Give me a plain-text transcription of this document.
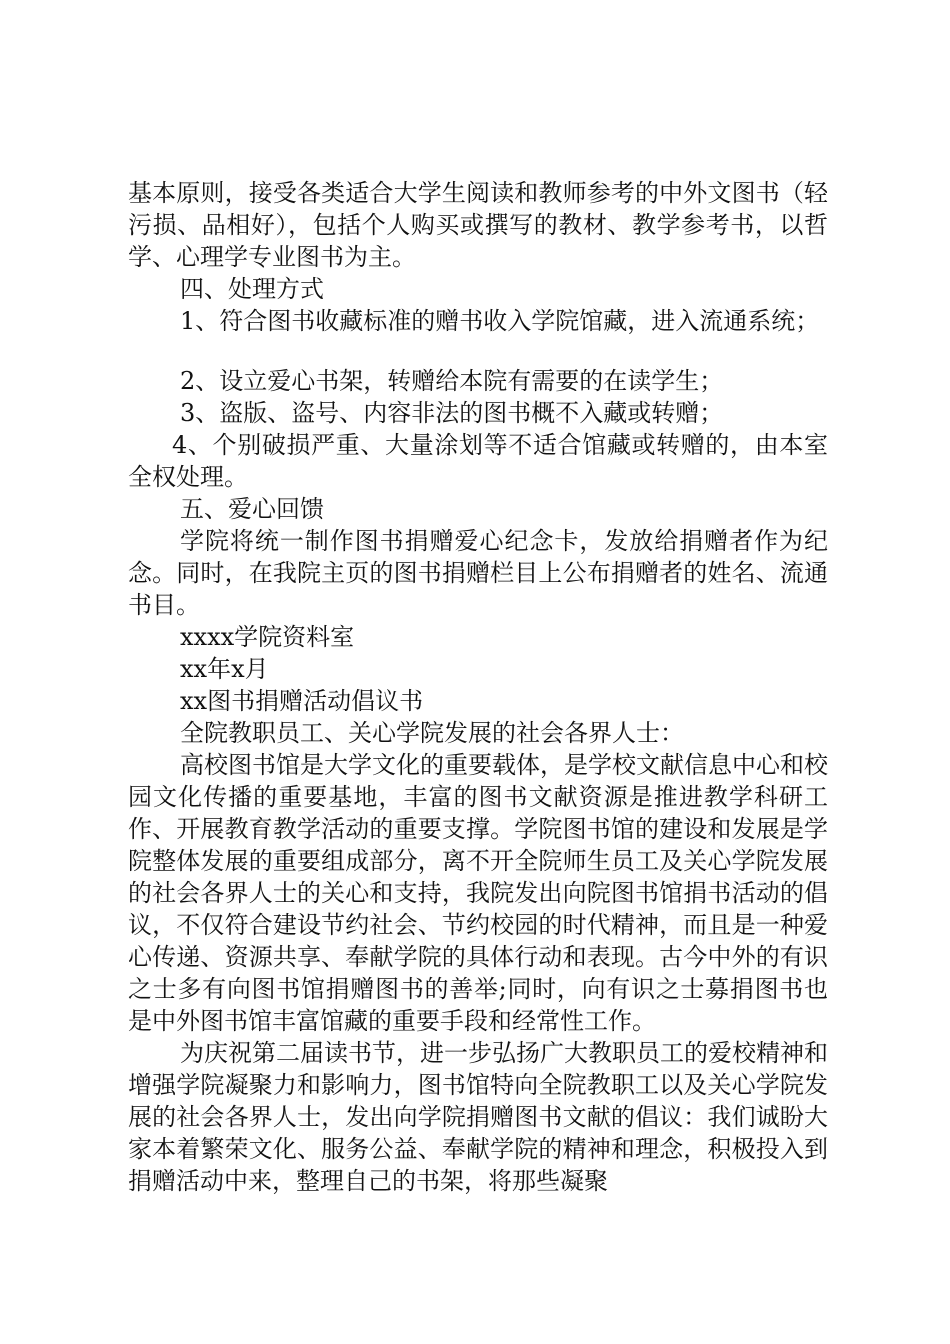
基本原则，接受各类适合大学生阅读和教师参考的中外文图书（轻污损、品相好），包括个人购买或撰写的教材、教学参考书，以哲学、心理学专业图书为主。

四、处理方式

1、符合图书收藏标准的赠书收入学院馆藏，进入流通系统；

2、设立爱心书架，转赠给本院有需要的在读学生；

3、盗版、盗号、内容非法的图书概不入藏或转赠；

4、个别破损严重、大量涂划等不适合馆藏或转赠的，由本室全权处理。

五、爱心回馈

学院将统一制作图书捐赠爱心纪念卡，发放给捐赠者作为纪念。同时，在我院主页的图书捐赠栏目上公布捐赠者的姓名、流通书目。

xxxx学院资料室

xx年x月

xx图书捐赠活动倡议书

全院教职员工、关心学院发展的社会各界人士：

高校图书馆是大学文化的重要载体，是学校文献信息中心和校园文化传播的重要基地，丰富的图书文献资源是推进教学科研工作、开展教育教学活动的重要支撑。学院图书馆的建设和发展是学院整体发展的重要组成部分，离不开全院师生员工及关心学院发展的社会各界人士的关心和支持，我院发出向院图书馆捐书活动的倡议，不仅符合建设节约社会、节约校园的时代精神，而且是一种爱心传递、资源共享、奉献学院的具体行动和表现。古今中外的有识之士多有向图书馆捐赠图书的善举;同时，向有识之士募捐图书也是中外图书馆丰富馆藏的重要手段和经常性工作。

为庆祝第二届读书节，进一步弘扬广大教职员工的爱校精神和增强学院凝聚力和影响力，图书馆特向全院教职工以及关心学院发展的社会各界人士，发出向学院捐赠图书文献的倡议：我们诚盼大家本着繁荣文化、服务公益、奉献学院的精神和理念，积极投入到捐赠活动中来，整理自己的书架，将那些凝聚
